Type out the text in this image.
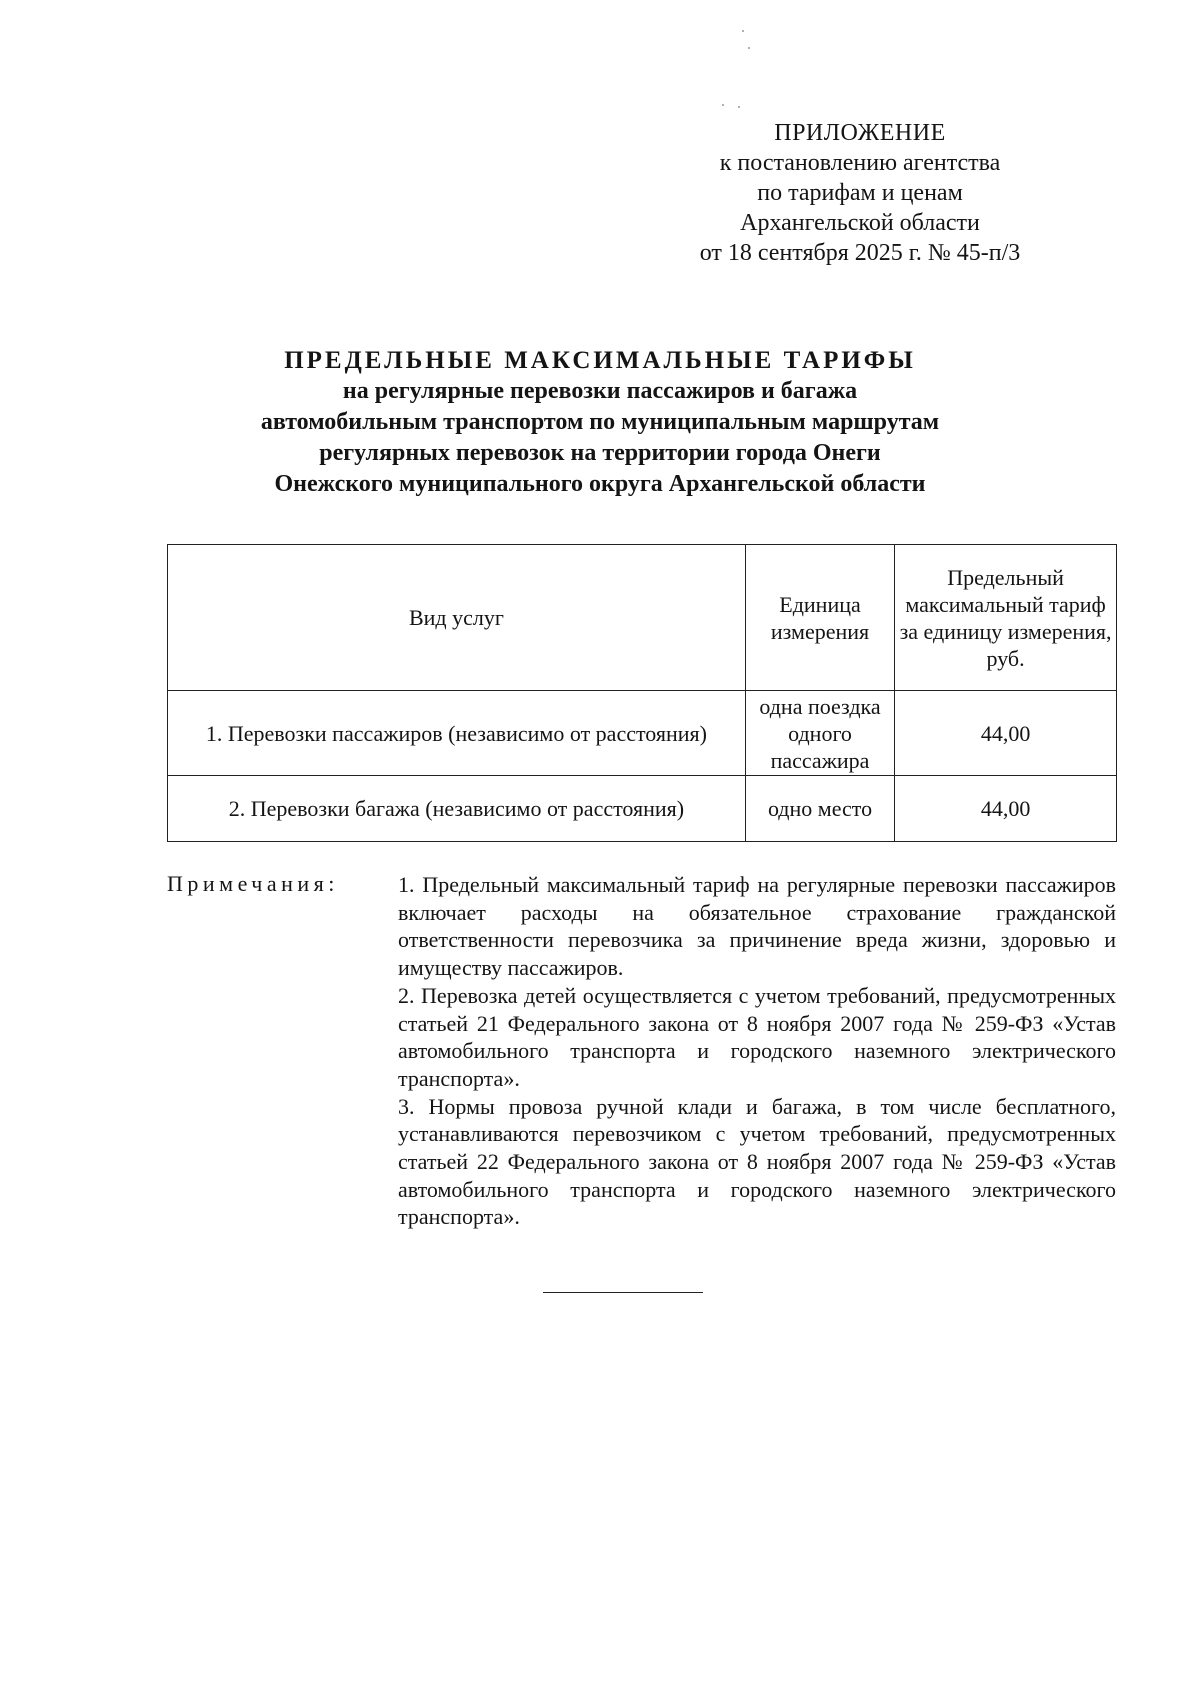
ПРИЛОЖЕНИЕ
к постановлению агентства
по тарифам и ценам
Архангельской области
от 18 сентября 2025 г. № 45-п/3
ПРЕДЕЛЬНЫЕ МАКСИМАЛЬНЫЕ ТАРИФЫ
на регулярные перевозки пассажиров и багажа
автомобильным транспортом по муниципальным маршрутам
регулярных перевозок на территории города Онеги
Онежского муниципального округа Архангельской области
Вид услуг	Единица измерения	Предельный максимальный тариф за единицу измерения, руб.
1. Перевозки пассажиров (независимо от расстояния)	одна поездка одного пассажира	44,00
2. Перевозки багажа (независимо от расстояния)	одно место	44,00
Примечания:	1. Предельный максимальный тариф на регулярные перевозки пассажиров включает расходы на обязательное страхование гражданской ответственности перевозчика за причинение вреда жизни, здоровью и имуществу пассажиров.

2. Перевозка детей осуществляется с учетом требований, предусмотренных статьей 21 Федерального закона от 8 ноября 2007 года № 259-ФЗ «Устав автомобильного транспорта и городского наземного электрического транспорта».

3. Нормы провоза ручной клади и багажа, в том числе бесплатного, устанавливаются перевозчиком с учетом требований, предусмотренных статьей 22 Федерального закона от 8 ноября 2007 года № 259-ФЗ «Устав автомобильного транспорта и городского наземного электрического транспорта».
